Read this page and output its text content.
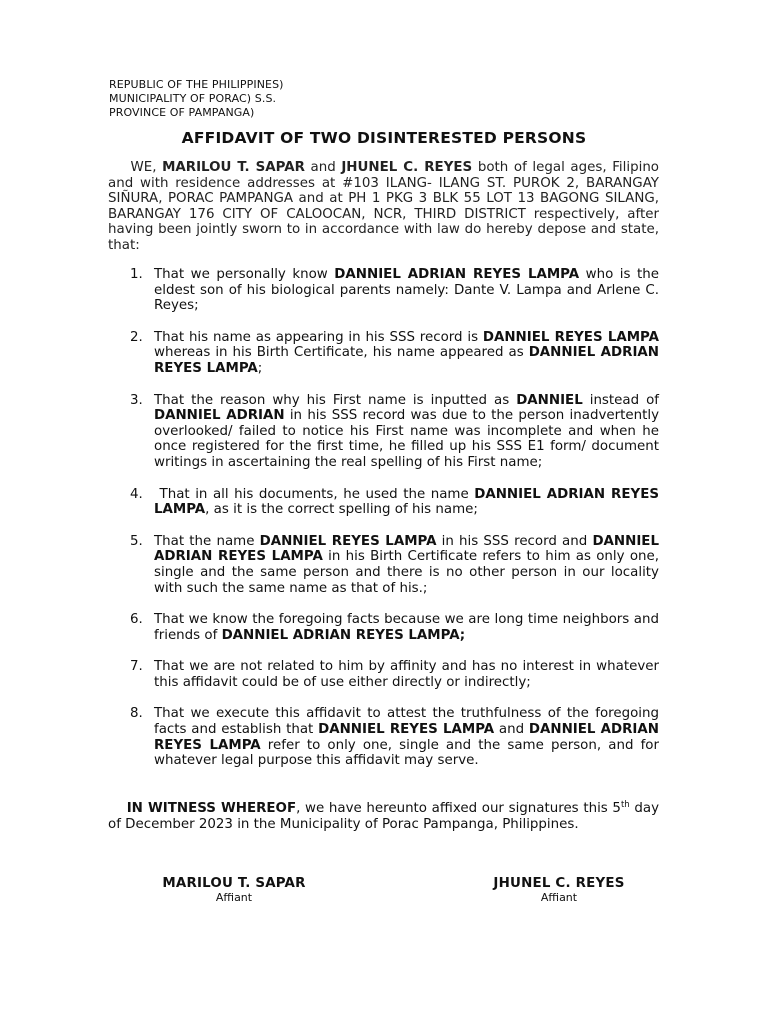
REPUBLIC OF THE PHILIPPINES)
MUNICIPALITY OF PORAC) S.S.
PROVINCE OF PAMPANGA)
AFFIDAVIT OF TWO DISINTERESTED PERSONS

WE, MARILOU T. SAPAR and JHUNEL C. REYES both of legal ages, Filipino and with residence addresses at #103 ILANG- ILANG ST. PUROK 2, BARANGAY SIÑURA, PORAC PAMPANGA and at PH 1 PKG 3 BLK 55 LOT 13 BAGONG SILANG, BARANGAY 176 CITY OF CALOOCAN, NCR, THIRD DISTRICT respectively, after having been jointly sworn to in accordance with law do hereby depose and state, that:

1. That we personally know DANNIEL ADRIAN REYES LAMPA who is the eldest son of his biological parents namely: Dante V. Lampa and Arlene C. Reyes;
2. That his name as appearing in his SSS record is DANNIEL REYES LAMPA whereas in his Birth Certificate, his name appeared as DANNIEL ADRIAN REYES LAMPA;
3. That the reason why his First name is inputted as DANNIEL instead of DANNIEL ADRIAN in his SSS record was due to the person inadvertently overlooked/ failed to notice his First name was incomplete and when he once registered for the first time, he filled up his SSS E1 form/ document writings in ascertaining the real spelling of his First name;
4. That in all his documents, he used the name DANNIEL ADRIAN REYES LAMPA, as it is the correct spelling of his name;
5. That the name DANNIEL REYES LAMPA in his SSS record and DANNIEL ADRIAN REYES LAMPA in his Birth Certificate refers to him as only one, single and the same person and there is no other person in our locality with such the same name as that of his.;
6. That we know the foregoing facts because we are long time neighbors and friends of DANNIEL ADRIAN REYES LAMPA;
7. That we are not related to him by affinity and has no interest in whatever this affidavit could be of use either directly or indirectly;
8. That we execute this affidavit to attest the truthfulness of the foregoing facts and establish that DANNIEL REYES LAMPA and DANNIEL ADRIAN REYES LAMPA refer to only one, single and the same person, and for whatever legal purpose this affidavit may serve.

IN WITNESS WHEREOF, we have hereunto affixed our signatures this 5th day of December 2023 in the Municipality of Porac Pampanga, Philippines.

MARILOU T. SAPAR
Affiant
JHUNEL C. REYES
Affiant
